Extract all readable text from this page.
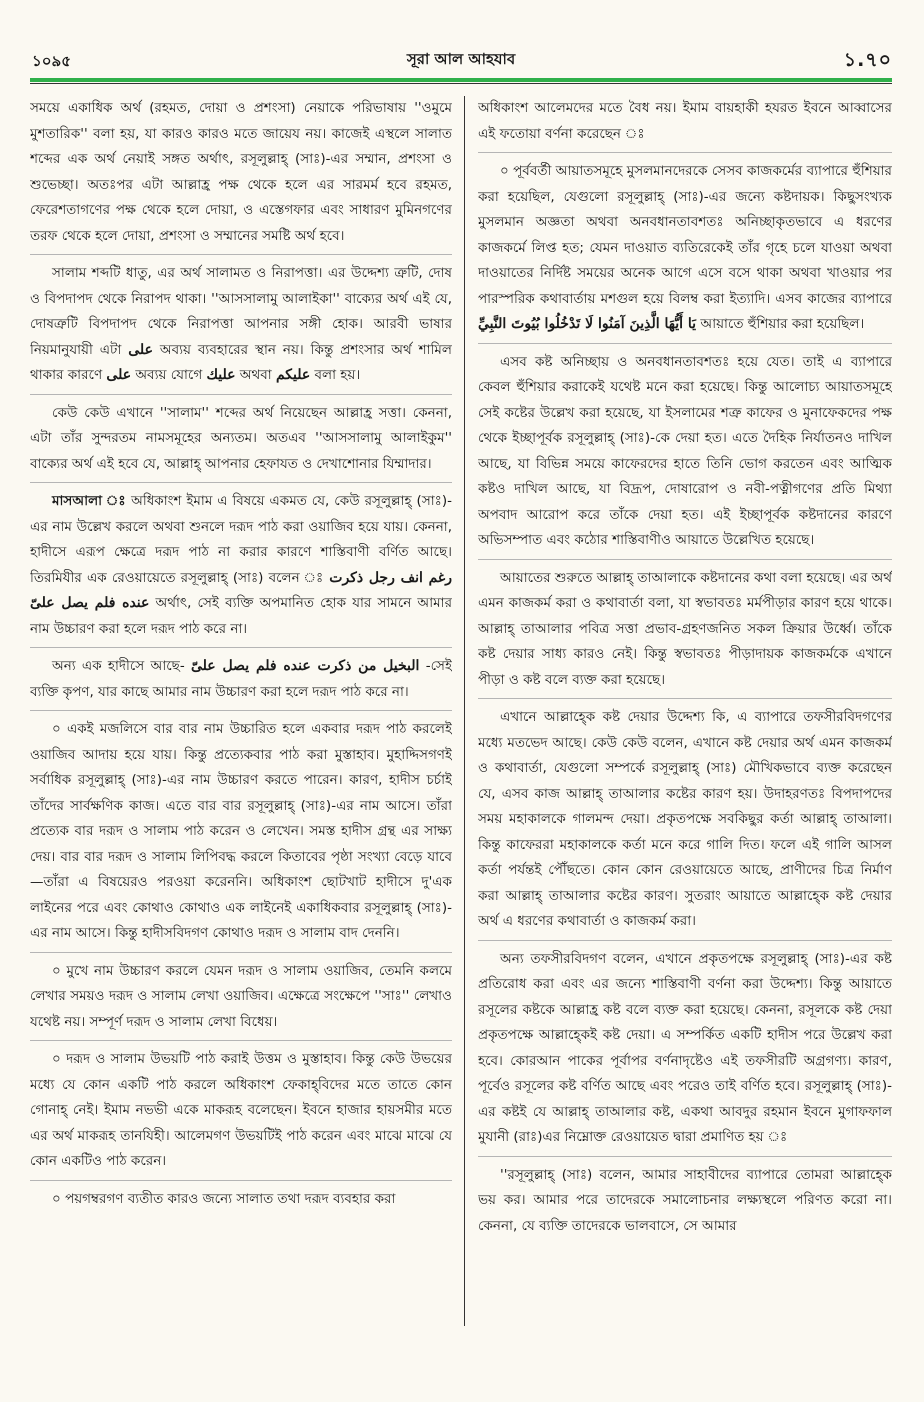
১০৯৫	সূরা আল আহযাব	১.৭০

সময়ে একাধিক অর্থ (রহমত, দোয়া ও প্রশংসা) নেয়াকে পরিভাষায় ''ওমুমে মুশতারিক'' বলা হয়, যা কারও কারও মতে জায়েয নয়। কাজেই এস্থলে সালাত শব্দের এক অর্থ নেয়াই সঙ্গত অর্থাৎ, রসূলুল্লাহ্ (সাঃ)-এর সম্মান, প্রশংসা ও শুভেচ্ছা। অতঃপর এটা আল্লাহ্র পক্ষ থেকে হলে এর সারমর্ম হবে রহমত, ফেরেশতাগণের পক্ষ থেকে হলে দোয়া, ও এস্তেগফার এবং সাধারণ মুমিনগণের তরফ থেকে হলে দোয়া, প্রশংসা ও সম্মানের সমষ্টি অর্থ হবে।

সালাম শব্দটি ধাতু, এর অর্থ সালামত ও নিরাপত্তা। এর উদ্দেশ্য ত্রুটি, দোষ ও বিপদাপদ থেকে নিরাপদ থাকা। ''আসসালামু আলাইকা'' বাক্যের অর্থ এই যে, দোষত্রুটি বিপদাপদ থেকে নিরাপত্তা আপনার সঙ্গী হোক। আরবী ভাষার নিয়মানুযায়ী এটা على অব্যয় ব্যবহারের স্থান নয়। কিন্তু প্রশংসার অর্থ শামিল থাকার কারণে على অব্যয় যোগে عليك অথবা عليكم বলা হয়।

কেউ কেউ এখানে ''সালাম'' শব্দের অর্থ নিয়েছেন আল্লাহ্র সত্তা। কেননা, এটা তাঁর সুন্দরতম নামসমূহের অন্যতম। অতএব ''আসসালামু আলাইকুম'' বাক্যের অর্থ এই হবে যে, আল্লাহ্ আপনার হেফাযত ও দেখাশোনার যিম্মাদার।

মাসআলা ঃ অধিকাংশ ইমাম এ বিষয়ে একমত যে, কেউ রসূলুল্লাহ্ (সাঃ)-এর নাম উল্লেখ করলে অথবা শুনলে দরূদ পাঠ করা ওয়াজিব হয়ে যায়। কেননা, হাদীসে এরূপ ক্ষেত্রে দরূদ পাঠ না করার কারণে শাস্তিবাণী বর্ণিত আছে। তিরমিযীর এক রেওয়ায়েতে রসূলুল্লাহ্ (সাঃ) বলেন ঃ رغم انف رجل ذكرت عنده فلم يصل علىّ অর্থাৎ, সেই ব্যক্তি অপমানিত হোক যার সামনে আমার নাম উচ্চারণ করা হলে দরূদ পাঠ করে না।

অন্য এক হাদীসে আছে- البخيل من ذكرت عنده فلم يصل علىّ -সেই ব্যক্তি কৃপণ, যার কাছে আমার নাম উচ্চারণ করা হলে দরূদ পাঠ করে না।

০ একই মজলিসে বার বার নাম উচ্চারিত হলে একবার দরূদ পাঠ করলেই ওয়াজিব আদায় হয়ে যায়। কিন্তু প্রত্যেকবার পাঠ করা মুস্তাহাব। মুহাদ্দিসগণই সর্বাধিক রসূলুল্লাহ্ (সাঃ)-এর নাম উচ্চারণ করতে পারেন। কারণ, হাদীস চর্চাই তাঁদের সার্বক্ষণিক কাজ। এতে বার বার রসূলুল্লাহ্ (সাঃ)-এর নাম আসে। তাঁরা প্রত্যেক বার দরূদ ও সালাম পাঠ করেন ও লেখেন। সমস্ত হাদীস গ্রন্থ এর সাক্ষ্য দেয়। বার বার দরূদ ও সালাম লিপিবদ্ধ করলে কিতাবের পৃষ্ঠা সংখ্যা বেড়ে যাবে—তাঁরা এ বিষয়েরও পরওয়া করেননি। অধিকাংশ ছোটখাট হাদীসে দু'এক লাইনের পরে এবং কোথাও কোথাও এক লাইনেই একাধিকবার রসূলুল্লাহ্ (সাঃ)-এর নাম আসে। কিন্তু হাদীসবিদগণ কোথাও দরূদ ও সালাম বাদ দেননি।

০ মুখে নাম উচ্চারণ করলে যেমন দরূদ ও সালাম ওয়াজিব, তেমনি কলমে লেখার সময়ও দরূদ ও সালাম লেখা ওয়াজিব। এক্ষেত্রে সংক্ষেপে ''সাঃ'' লেখাও যথেষ্ট নয়। সম্পূর্ণ দরূদ ও সালাম লেখা বিধেয়।

০ দরূদ ও সালাম উভয়টি পাঠ করাই উত্তম ও মুস্তাহাব। কিন্তু কেউ উভয়ের মধ্যে যে কোন একটি পাঠ করলে অধিকাংশ ফেকাহ্‌বিদের মতে তাতে কোন গোনাহ্ নেই। ইমাম নভভী একে মাকরূহ বলেছেন। ইবনে হাজার হায়সমীর মতে এর অর্থ মাকরূহ তানযিহী। আলেমগণ উভয়টিই পাঠ করেন এবং মাঝে মাঝে যে কোন একটিও পাঠ করেন।

০ পয়গম্বরগণ ব্যতীত কারও জন্যে সালাত তথা দরূদ ব্যবহার করা

অধিকাংশ আলেমদের মতে বৈধ নয়। ইমাম বায়হাকী হযরত ইবনে আব্বাসের এই ফতোয়া বর্ণনা করেছেন ঃ

০ পূর্ববর্তী আয়াতসমূহে মুসলমানদেরকে সেসব কাজকর্মের ব্যাপারে হুঁশিয়ার করা হয়েছিল, যেগুলো রসূলুল্লাহ্ (সাঃ)-এর জন্যে কষ্টদায়ক। কিছুসংখ্যক মুসলমান অজ্ঞতা অথবা অনবধানতাবশতঃ অনিচ্ছাকৃতভাবে এ ধরণের কাজকর্মে লিপ্ত হত; যেমন দাওয়াত ব্যতিরেকেই তাঁর গৃহে চলে যাওয়া অথবা দাওয়াতের নির্দিষ্ট সময়ের অনেক আগে এসে বসে থাকা অথবা খাওয়ার পর পারস্পরিক কথাবার্তায় মশগুল হয়ে বিলম্ব করা ইত্যাদি। এসব কাজের ব্যাপারে يَا أَيُّهَا الَّذِينَ آمَنُوا لَا تَدْخُلُوا بُيُوتَ النَّبِيِّ আয়াতে হুঁশিয়ার করা হয়েছিল।

এসব কষ্ট অনিচ্ছায় ও অনবধানতাবশতঃ হয়ে যেত। তাই এ ব্যাপারে কেবল হুঁশিয়ার করাকেই যথেষ্ট মনে করা হয়েছে। কিন্তু আলোচ্য আয়াতসমূহে সেই কষ্টের উল্লেখ করা হয়েছে, যা ইসলামের শত্রু কাফের ও মুনাফেকদের পক্ষ থেকে ইচ্ছাপূর্বক রসূলুল্লাহ্ (সাঃ)-কে দেয়া হত। এতে দৈহিক নির্যাতনও দাখিল আছে, যা বিভিন্ন সময়ে কাফেরদের হাতে তিনি ভোগ করতেন এবং আত্মিক কষ্টও দাখিল আছে, যা বিদ্রূপ, দোষারোপ ও নবী-পত্নীগণের প্রতি মিথ্যা অপবাদ আরোপ করে তাঁকে দেয়া হত। এই ইচ্ছাপূর্বক কষ্টদানের কারণে অভিসম্পাত এবং কঠোর শাস্তিবাণীও আয়াতে উল্লেখিত হয়েছে।

আয়াতের শুরুতে আল্লাহ্ তাআলাকে কষ্টদানের কথা বলা হয়েছে। এর অর্থ এমন কাজকর্ম করা ও কথাবার্তা বলা, যা স্বভাবতঃ মর্মপীড়ার কারণ হয়ে থাকে। আল্লাহ্ তাআলার পবিত্র সত্তা প্রভাব-গ্রহণজনিত সকল ক্রিয়ার উর্ধ্বে। তাঁকে কষ্ট দেয়ার সাধ্য কারও নেই। কিন্তু স্বভাবতঃ পীড়াদায়ক কাজকর্মকে এখানে পীড়া ও কষ্ট বলে ব্যক্ত করা হয়েছে।

এখানে আল্লাহ্কে কষ্ট দেয়ার উদ্দেশ্য কি, এ ব্যাপারে তফসীরবিদগণের মধ্যে মতভেদ আছে। কেউ কেউ বলেন, এখানে কষ্ট দেয়ার অর্থ এমন কাজকর্ম ও কথাবার্তা, যেগুলো সম্পর্কে রসূলুল্লাহ্ (সাঃ) মৌখিকভাবে ব্যক্ত করেছেন যে, এসব কাজ আল্লাহ্ তাআলার কষ্টের কারণ হয়। উদাহরণতঃ বিপদাপদের সময় মহাকালকে গালমন্দ দেয়া। প্রকৃতপক্ষে সবকিছুর কর্তা আল্লাহ্ তাআলা। কিন্তু কাফেররা মহাকালকে কর্তা মনে করে গালি দিত। ফলে এই গালি আসল কর্তা পর্যন্তই পৌঁছতে। কোন কোন রেওয়ায়েতে আছে, প্রাণীদের চিত্র নির্মাণ করা আল্লাহ্ তাআলার কষ্টের কারণ। সুতরাং আয়াতে আল্লাহ্কে কষ্ট দেয়ার অর্থ এ ধরণের কথাবার্তা ও কাজকর্ম করা।

অন্য তফসীরবিদগণ বলেন, এখানে প্রকৃতপক্ষে রসূলুল্লাহ্ (সাঃ)-এর কষ্ট প্রতিরোধ করা এবং এর জন্যে শাস্তিবাণী বর্ণনা করা উদ্দেশ্য। কিন্তু আয়াতে রসূলের কষ্টকে আল্লাহ্র কষ্ট বলে ব্যক্ত করা হয়েছে। কেননা, রসূলকে কষ্ট দেয়া প্রকৃতপক্ষে আল্লাহ্কেই কষ্ট দেয়া। এ সম্পর্কিত একটি হাদীস পরে উল্লেখ করা হবে। কোরআন পাকের পূর্বাপর বর্ণনাদৃষ্টেও এই তফসীরটি অগ্রগণ্য। কারণ, পূর্বেও রসূলের কষ্ট বর্ণিত আছে এবং পরেও তাই বর্ণিত হবে। রসূলুল্লাহ্ (সাঃ)- এর কষ্টই যে আল্লাহ্ তাআলার কষ্ট, একথা আবদুর রহমান ইবনে মুগাফফাল মুযানী (রাঃ)এর নিম্নোক্ত রেওয়ায়েত দ্বারা প্রমাণিত হয় ঃ

''রসূলুল্লাহ্ (সাঃ) বলেন, আমার সাহাবীদের ব্যাপারে তোমরা আল্লাহ্কে ভয় কর। আমার পরে তাদেরকে সমালোচনার লক্ষ্যস্থলে পরিণত করো না। কেননা, যে ব্যক্তি তাদেরকে ভালবাসে, সে আমার
